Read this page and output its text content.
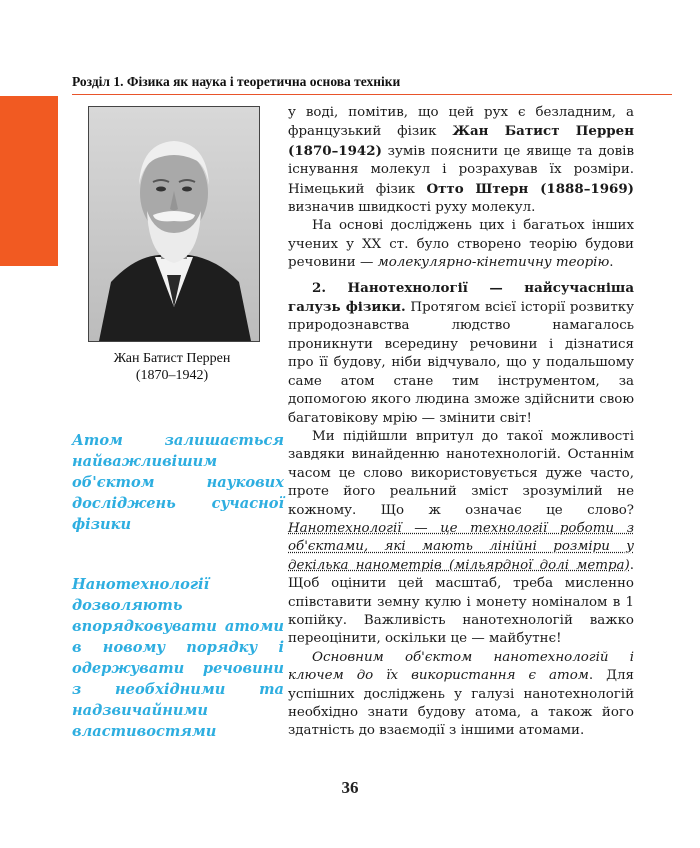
Розділ 1. Фізика як наука і теоретична основа техніки
Жан Батист Перрен
(1870–1942)
Атом залишається найважливішим об'єктом наукових досліджень сучасної фізики
Нанотехнології дозволяють впорядковувати атоми в новому порядку і одержувати речовини з необхідними та надзвичайними властивостями

у воді, помітив, що цей рух є безладним, а французький фізик Жан Батист Перрен (1870–1942) зумів пояснити це явище та довів існування молекул і розрахував їх розміри. Німецький фізик Отто Штерн (1888–1969) визначив швидкості руху молекул.

На основі досліджень цих і багатьох інших учених у XX ст. було створено теорію будови речовини — молекулярно-кінетичну теорію.

2. Нанотехнології — найсучасніша галузь фізики. Протягом всієї історії розвитку природознавства людство намагалось проникнути всередину речовини і дізнатися про її будову, ніби відчувало, що у подальшому саме атом стане тим інструментом, за допомогою якого людина зможе здійснити свою багатовікову мрію — змінити світ!

Ми підійшли впритул до такої можливості завдяки винайденню нанотехнологій. Останнім часом це слово використовується дуже часто, проте його реальний зміст зрозумілий не кожному. Що ж означає це слово? Нанотехнології — це технології роботи з об'єктами, які мають лінійні розміри у декілька нанометрів (мільярдної долі метра). Щоб оцінити цей масштаб, треба мисленно співставити земну кулю і монету номіналом в 1 копійку. Важливість нанотехнологій важко переоцінити, оскільки це — майбутнє!

Основним об'єктом нанотехнологій і ключем до їх використання є атом. Для успішних досліджень у галузі нанотехнологій необхідно знати будову атома, а також його здатність до взаємодії з іншими атомами.

36
